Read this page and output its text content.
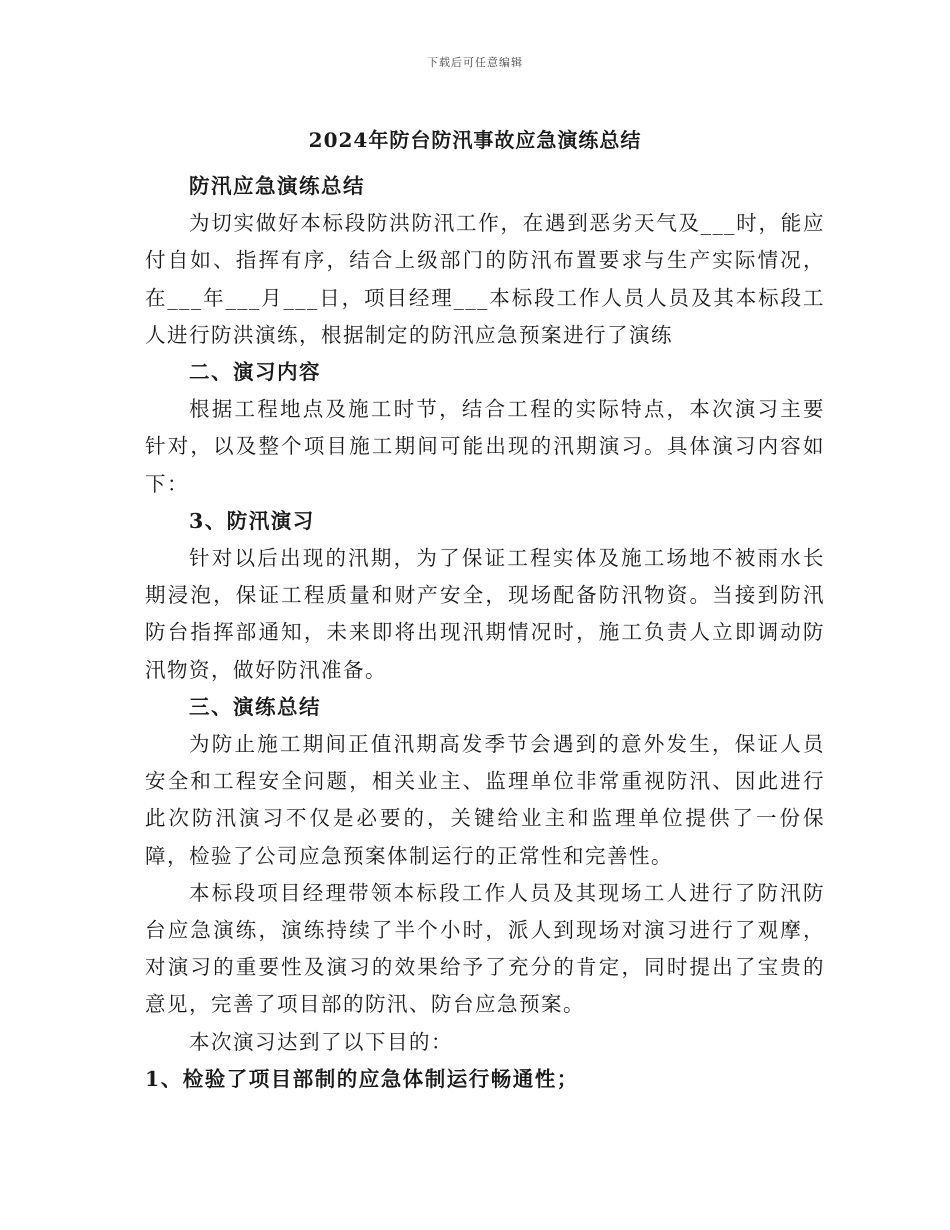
下载后可任意编辑
2024年防台防汛事故应急演练总结
防汛应急演练总结
为切实做好本标段防洪防汛工作，在遇到恶劣天气及___时，能应付自如、指挥有序，结合上级部门的防汛布置要求与生产实际情况，在___年___月___日，项目经理___本标段工作人员人员及其本标段工人进行防洪演练，根据制定的防汛应急预案进行了演练
二、演习内容
根据工程地点及施工时节，结合工程的实际特点，本次演习主要针对，以及整个项目施工期间可能出现的汛期演习。具体演习内容如下：
3、防汛演习
针对以后出现的汛期，为了保证工程实体及施工场地不被雨水长期浸泡，保证工程质量和财产安全，现场配备防汛物资。当接到防汛防台指挥部通知，未来即将出现汛期情况时，施工负责人立即调动防汛物资，做好防汛准备。
三、演练总结
为防止施工期间正值汛期高发季节会遇到的意外发生，保证人员安全和工程安全问题，相关业主、监理单位非常重视防汛、因此进行此次防汛演习不仅是必要的，关键给业主和监理单位提供了一份保障，检验了公司应急预案体制运行的正常性和完善性。
本标段项目经理带领本标段工作人员及其现场工人进行了防汛防台应急演练，演练持续了半个小时，派人到现场对演习进行了观摩，对演习的重要性及演习的效果给予了充分的肯定，同时提出了宝贵的意见，完善了项目部的防汛、防台应急预案。
本次演习达到了以下目的：
1、检验了项目部制的应急体制运行畅通性；
